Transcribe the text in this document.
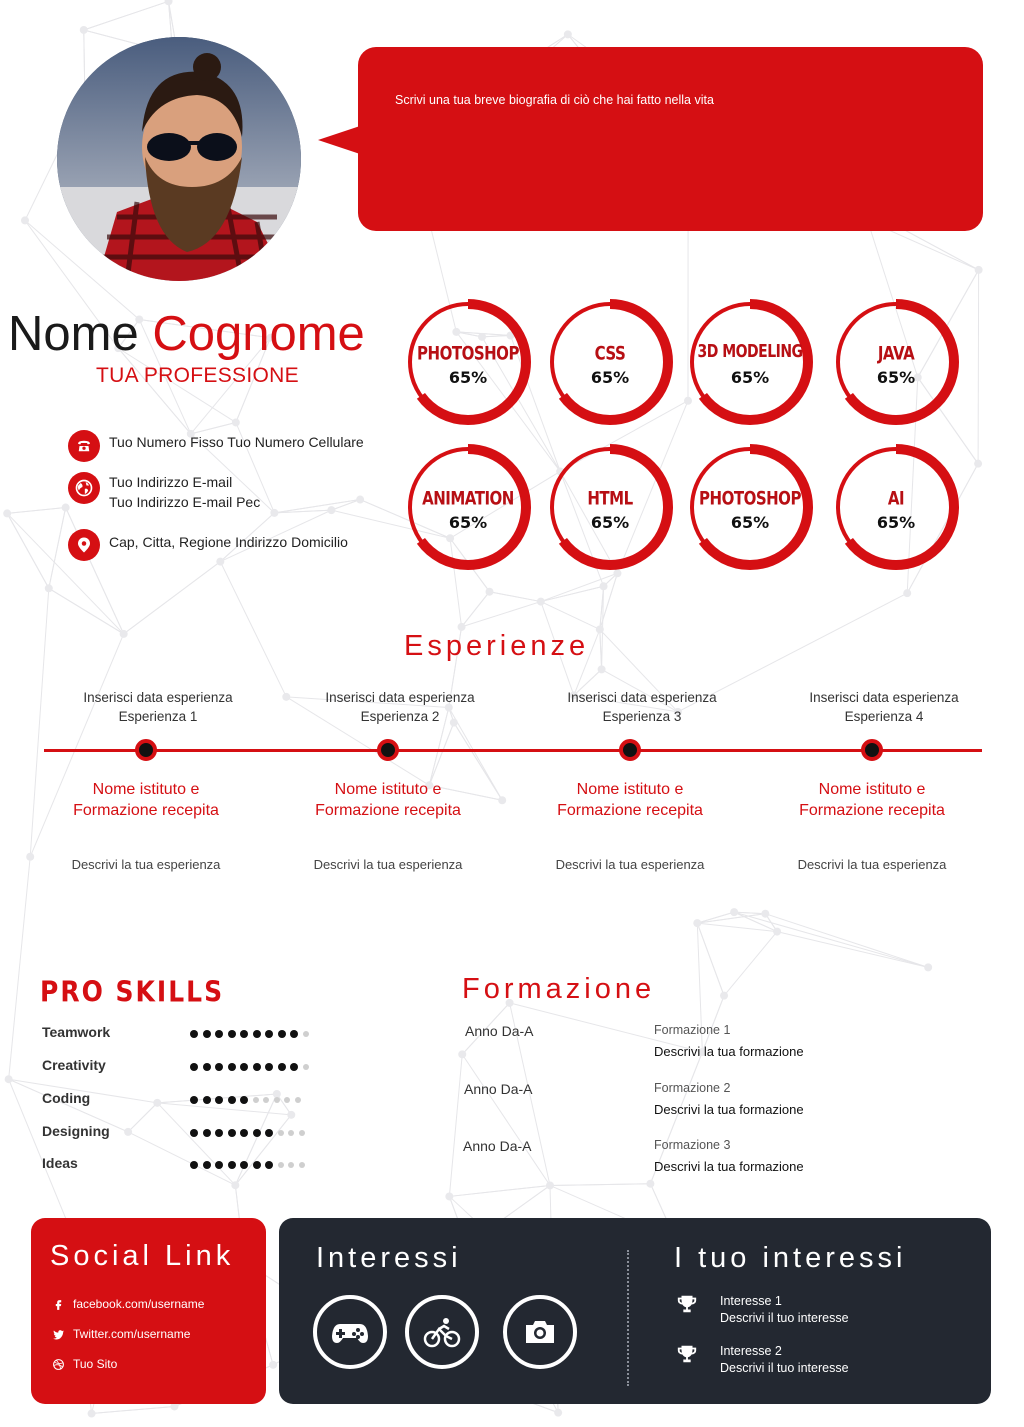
Scrivi una tua breve biografia di ciò che hai fatto nella vita
Nome Cognome
TUA PROFESSIONE
Tuo Numero Fisso Tuo Numero Cellulare
Tuo Indirizzo E-mail
Tuo Indirizzo E-mail Pec
Cap, Citta, Regione Indirizzo Domicilio
PHOTOSHOP
65%
CSS
65%
3D MODELING
65%
JAVA
65%
ANIMATION
65%
HTML
65%
PHOTOSHOP
65%
AI
65%
Esperienze
Inserisci data esperienza
Esperienza 1
Nome istituto e
Formazione recepita
Descrivi la tua esperienza
Inserisci data esperienza
Esperienza 2
Nome istituto e
Formazione recepita
Descrivi la tua esperienza
Inserisci data esperienza
Esperienza 3
Nome istituto e
Formazione recepita
Descrivi la tua esperienza
Inserisci data esperienza
Esperienza 4
Nome istituto e
Formazione recepita
Descrivi la tua esperienza
PRO SKILLS
Teamwork
Creativity
Coding
Designing
Ideas
Formazione
Anno Da-A	Formazione 1
Descrivi la tua formazione
Anno Da-A	Formazione 2
Descrivi la tua formazione
Anno Da-A	Formazione 3
Descrivi la tua formazione
Social Link
facebook.com/username
Twitter.com/username
Tuo Sito
Interessi	I tuo interessi
Interesse 1
Descrivi il tuo interesse
Interesse 2
Descrivi il tuo interesse
